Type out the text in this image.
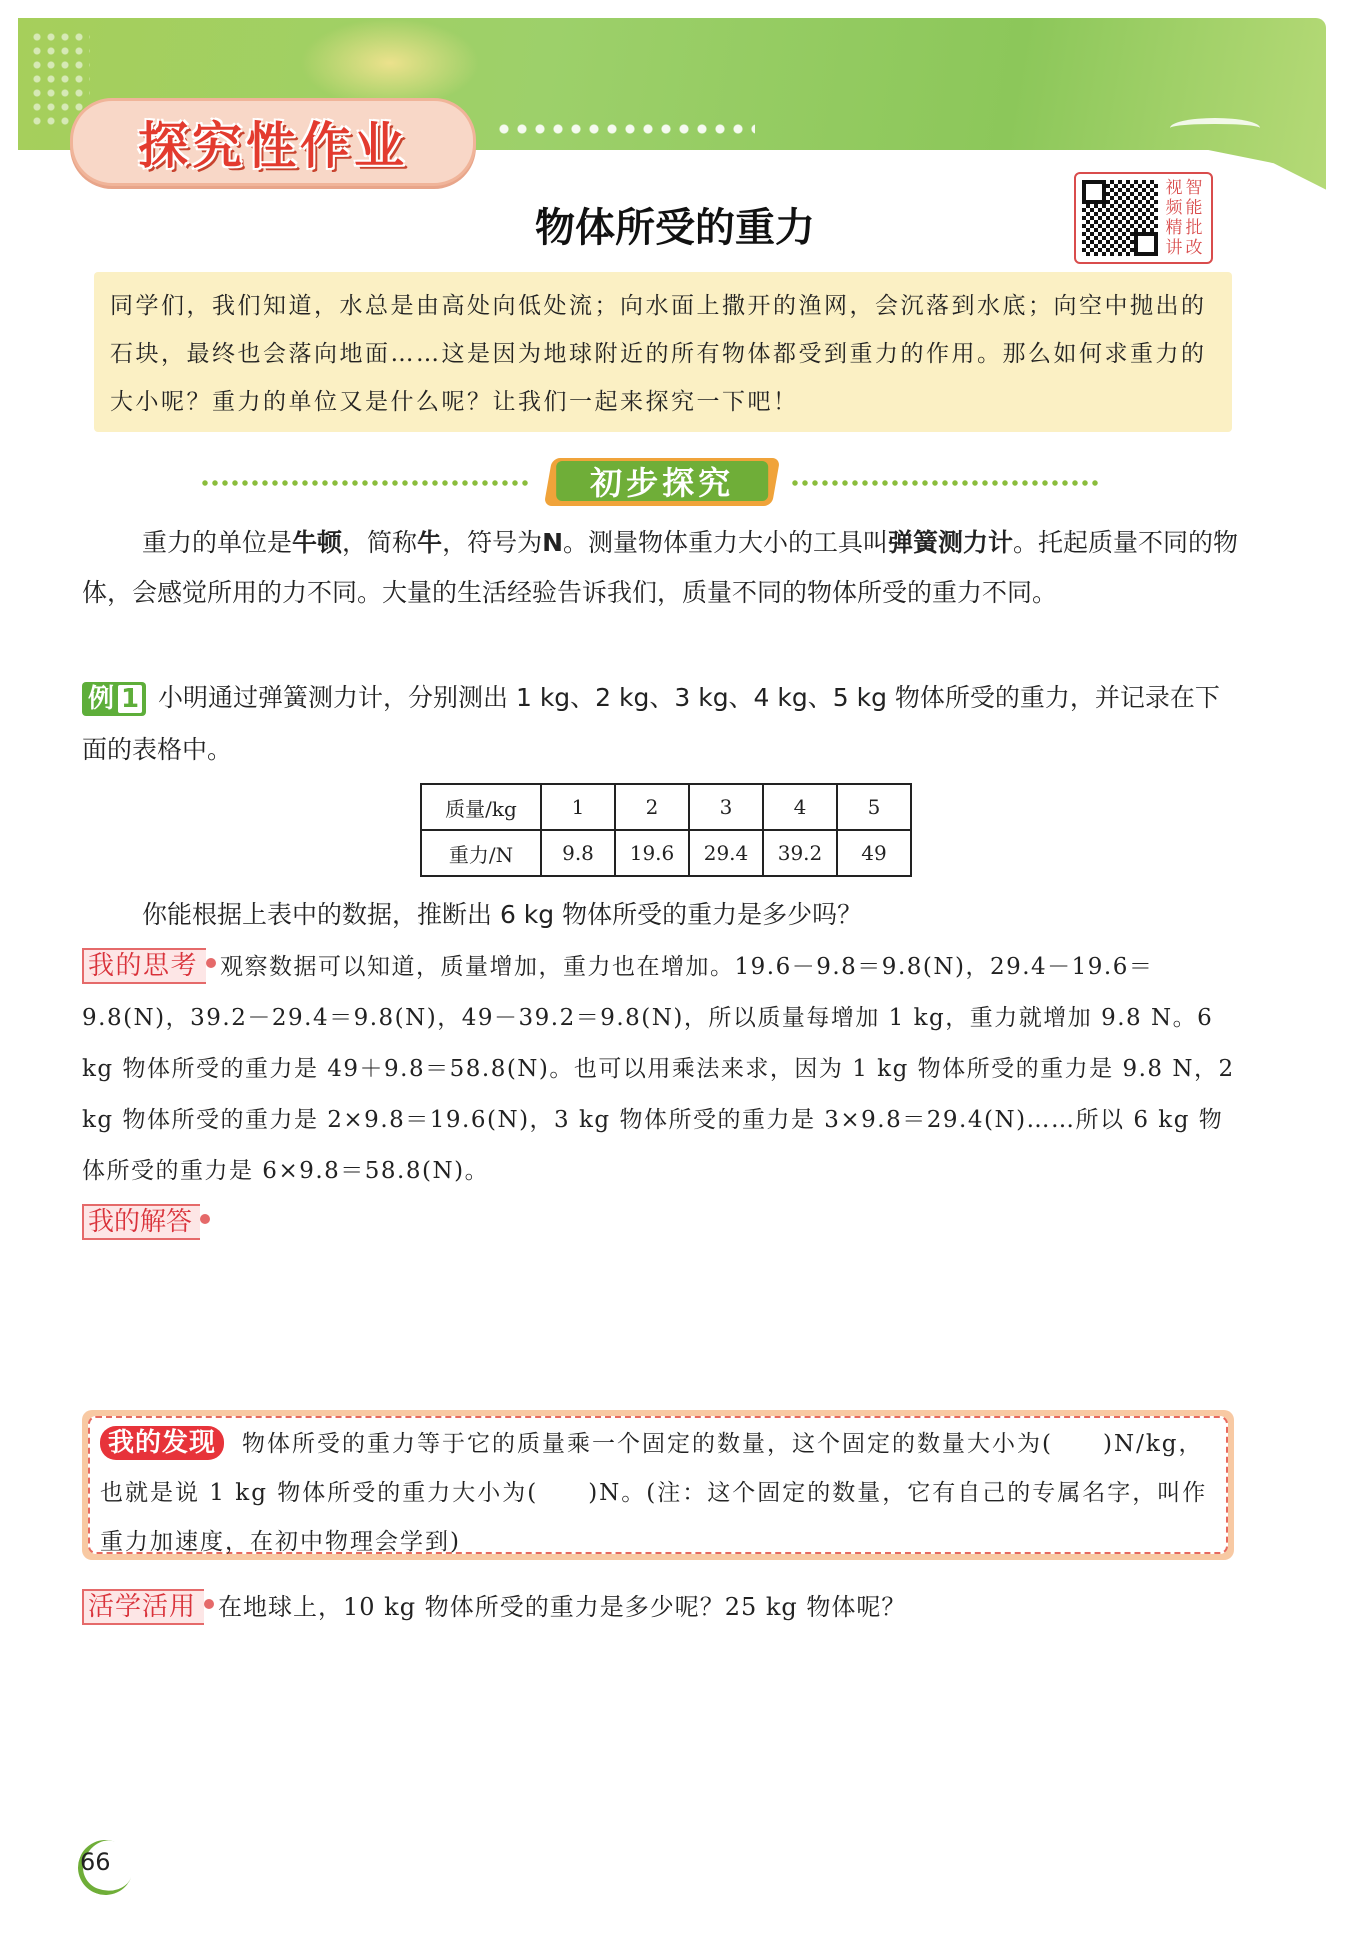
探究性作业
物体所受的重力
视 智
频 能
精 批
讲 改
同学们，我们知道，水总是由高处向低处流；向水面上撒开的渔网，会沉落到水底；向空中抛出的石块，最终也会落向地面……这是因为地球附近的所有物体都受到重力的作用。那么如何求重力的大小呢？重力的单位又是什么呢？让我们一起来探究一下吧！
初步探究
重力的单位是牛顿，简称牛，符号为N。测量物体重力大小的工具叫弹簧测力计。托起质量不同的物体，会感觉所用的力不同。大量的生活经验告诉我们，质量不同的物体所受的重力不同。
例 1 小明通过弹簧测力计，分别测出 1 kg、2 kg、3 kg、4 kg、5 kg 物体所受的重力，并记录在下面的表格中。
质量/kg	1	2	3	4	5
重力/N	9.8	19.6	29.4	39.2	49
你能根据上表中的数据，推断出 6 kg 物体所受的重力是多少吗？
我的思考 观察数据可以知道，质量增加，重力也在增加。19.6－9.8＝9.8(N)，29.4－19.6＝9.8(N)，39.2－29.4＝9.8(N)，49－39.2＝9.8(N)，所以质量每增加 1 kg，重力就增加 9.8 N。6 kg 物体所受的重力是 49＋9.8＝58.8(N)。也可以用乘法来求，因为 1 kg 物体所受的重力是 9.8 N，2 kg 物体所受的重力是 2×9.8＝19.6(N)，3 kg 物体所受的重力是 3×9.8＝29.4(N)……所以 6 kg 物体所受的重力是 6×9.8＝58.8(N)。
我的解答
我的发现 物体所受的重力等于它的质量乘一个固定的数量，这个固定的数量大小为(　　)N/kg，也就是说 1 kg 物体所受的重力大小为(　　)N。(注：这个固定的数量，它有自己的专属名字，叫作重力加速度，在初中物理会学到)
活学活用 在地球上，10 kg 物体所受的重力是多少呢？25 kg 物体呢？
66
